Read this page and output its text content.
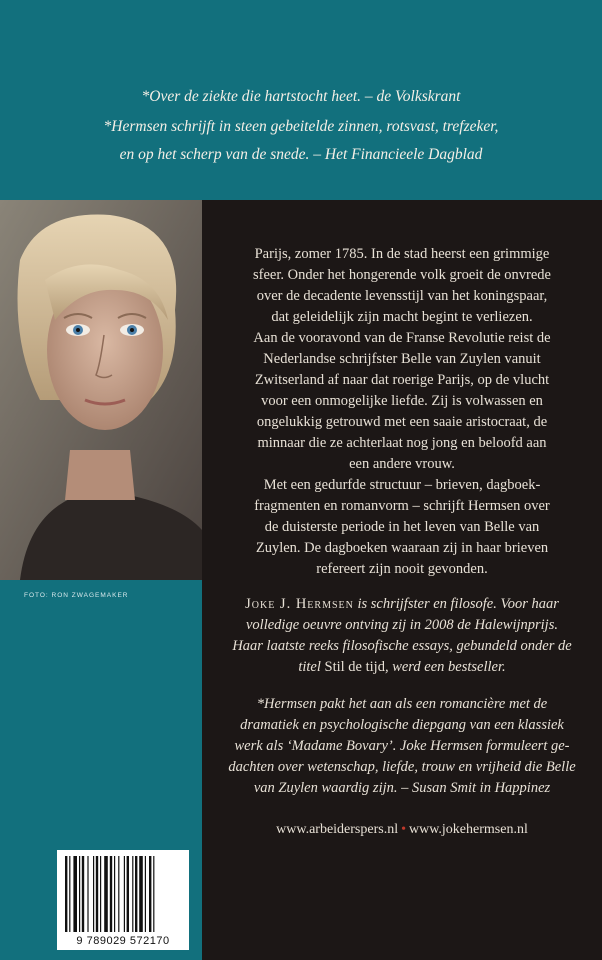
*Over de ziekte die hartstocht heet. – de Volkskrant
*Hermsen schrijft in steen gebeitelde zinnen, rotsvast, trefzeker,
en op het scherp van de snede. – Het Financieele Dagblad
FOTO: RON ZWAGEMAKER
Parijs, zomer 1785. In de stad heerst een grimmige
sfeer. Onder het hongerende volk groeit de onvrede
over de decadente levensstijl van het koningspaar,
dat geleidelijk zijn macht begint te verliezen.
Aan de vooravond van de Franse Revolutie reist de
Nederlandse schrijfster Belle van Zuylen vanuit
Zwitserland af naar dat roerige Parijs, op de vlucht
voor een onmogelijke liefde. Zij is volwassen en
ongelukkig getrouwd met een saaie aristocraat, de
minnaar die ze achterlaat nog jong en beloofd aan
een andere vrouw.
Met een gedurfde structuur – brieven, dagboek-
fragmenten en romanvorm – schrijft Hermsen over
de duisterste periode in het leven van Belle van
Zuylen. De dagboeken waaraan zij in haar brieven
refereert zijn nooit gevonden.
Joke J. Hermsen is schrijfster en filosofe. Voor haar
volledige oeuvre ontving zij in 2008 de Halewijnprijs.
Haar laatste reeks filosofische essays, gebundeld onder de
titel Stil de tijd, werd een bestseller.
*Hermsen pakt het aan als een romancière met de
dramatiek en psychologische diepgang van een klassiek
werk als ‘Madame Bovary’. Joke Hermsen formuleert ge-
dachten over wetenschap, liefde, trouw en vrijheid die Belle
van Zuylen waardig zijn. – Susan Smit in Happinez
www.arbeiderspers.nl • www.jokehermsen.nl
9 789029 572170
